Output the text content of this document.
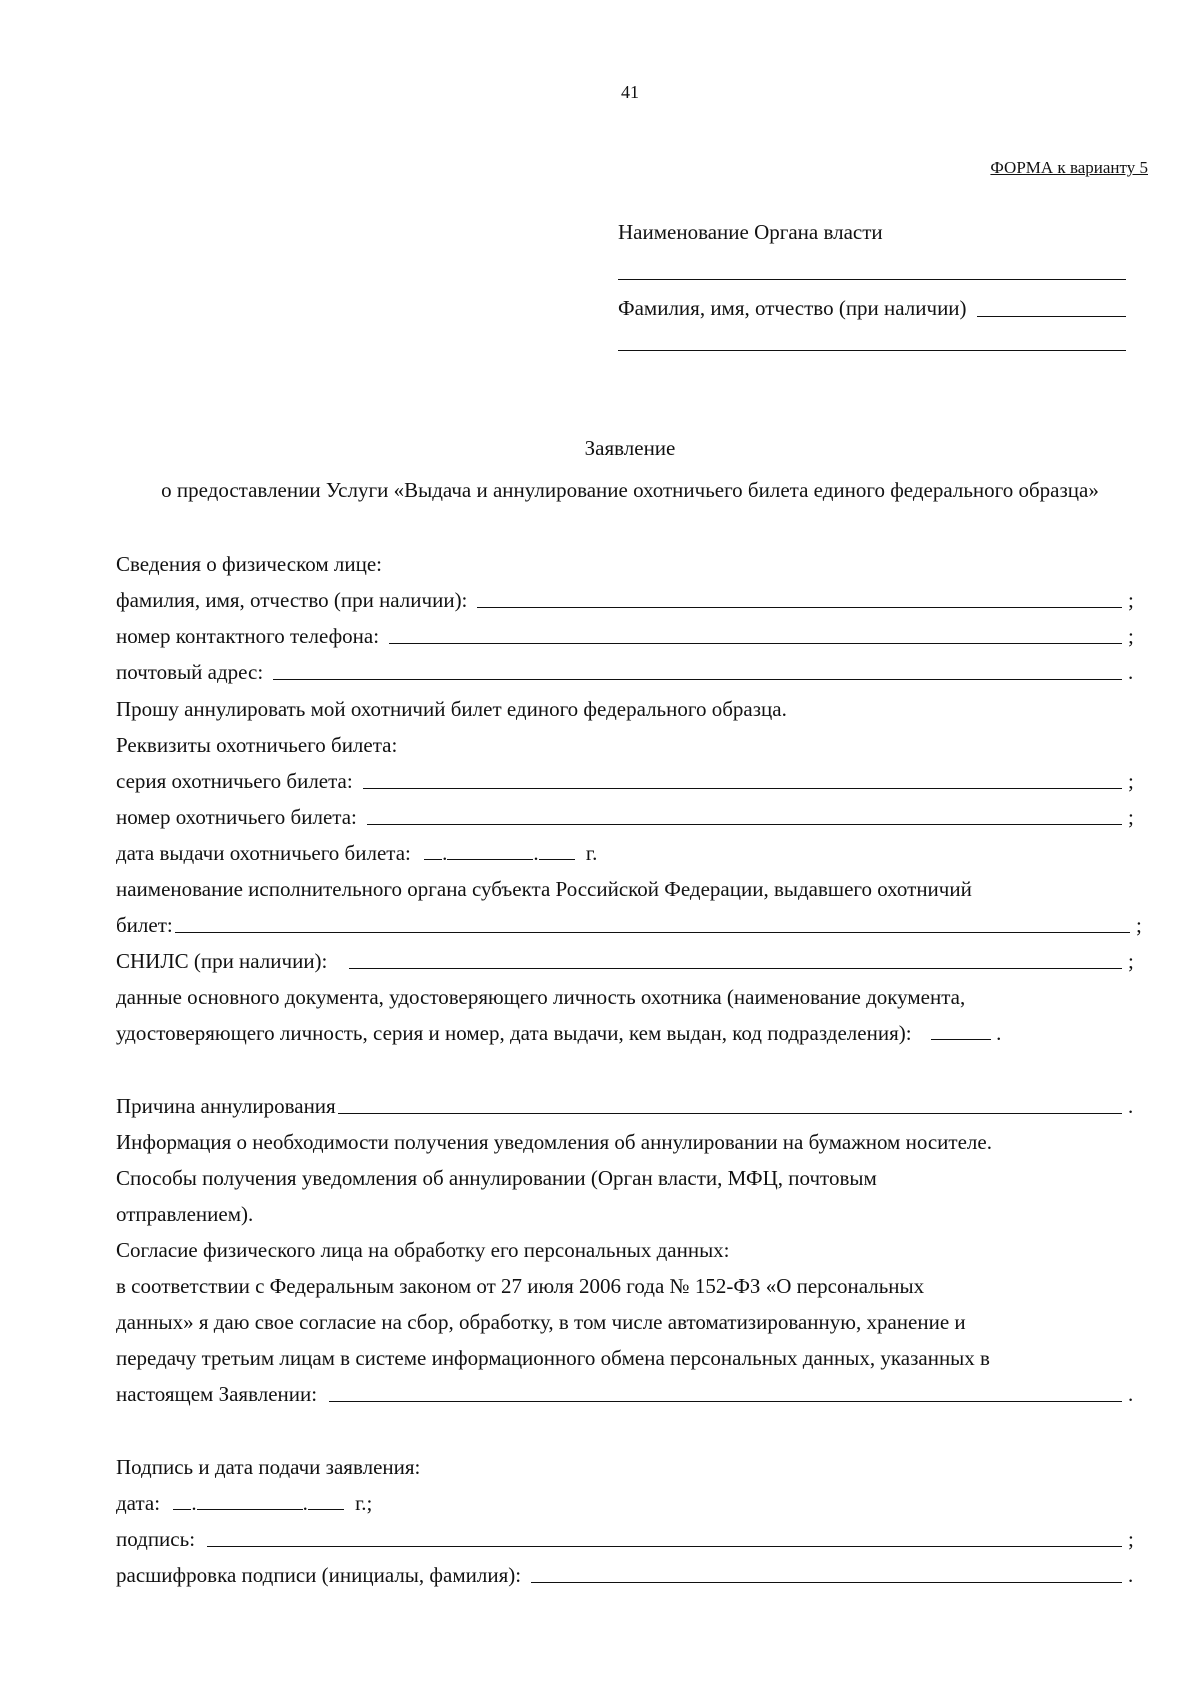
41
ФОРМА к варианту 5
Наименование Органа власти
Фамилия, имя, отчество (при наличии)
Заявление
о предоставлении Услуги «Выдача и аннулирование охотничьего билета единого федерального образца»
Сведения о физическом лице:
фамилия, имя, отчество (при наличии):	;
номер контактного телефона:	;
почтовый адрес:	.
Прошу аннулировать мой охотничий билет единого федерального образца.
Реквизиты охотничьего билета:
серия охотничьего билета:	;
номер охотничьего билета:	;
дата выдачи охотничьего билета: .	. г.
наименование исполнительного органа субъекта Российской Федерации, выдавшего охотничий
билет:	;
СНИЛС (при наличии):	;
данные основного документа, удостоверяющего личность охотника (наименование документа,
удостоверяющего личность, серия и номер, дата выдачи, кем выдан, код подразделения):	.
Причина аннулирования	.
Информация о необходимости получения уведомления об аннулировании на бумажном носителе.
Способы получения уведомления об аннулировании (Орган власти, МФЦ, почтовым
отправлением).
Согласие физического лица на обработку его персональных данных:
в соответствии с Федеральным законом от 27 июля 2006 года № 152-ФЗ «О персональных
данных» я даю свое согласие на сбор, обработку, в том числе автоматизированную, хранение и
передачу третьим лицам в системе информационного обмена персональных данных, указанных в
настоящем Заявлении:	.
Подпись и дата подачи заявления:
дата: .	. г.;
подпись:	;
расшифровка подписи (инициалы, фамилия):	.
